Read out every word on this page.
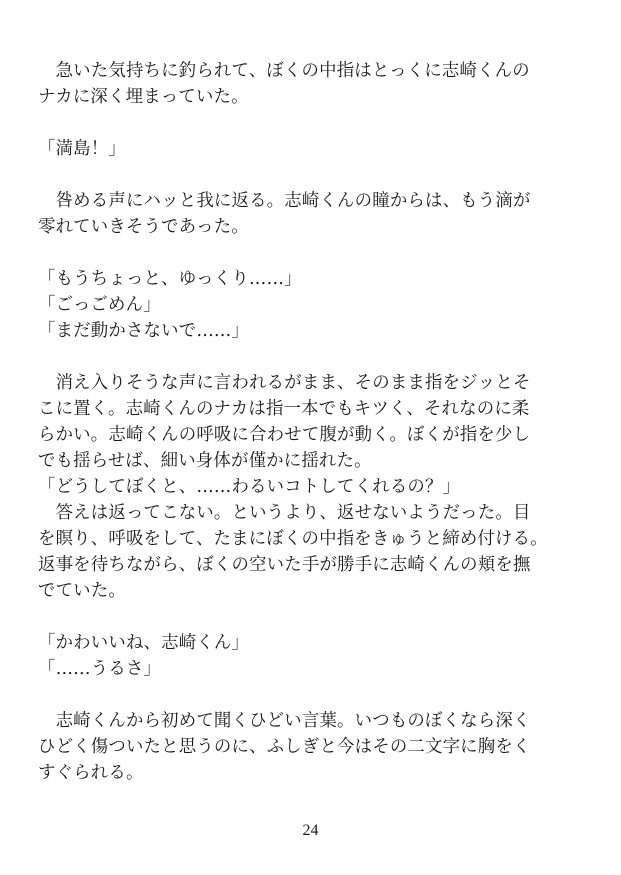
　急いた気持ちに釣られて、ぼくの中指はとっくに志崎くんの
ナカに深く埋まっていた。
「満島！」
　咎める声にハッと我に返る。志崎くんの瞳からは、もう滴が
零れていきそうであった。
「もうちょっと、ゆっくり……」
「ごっごめん」
「まだ動かさないで……」
　消え入りそうな声に言われるがまま、そのまま指をジッとそ
こに置く。志崎くんのナカは指一本でもキツく、それなのに柔
らかい。志崎くんの呼吸に合わせて腹が動く。ぼくが指を少し
でも揺らせば、細い身体が僅かに揺れた。
「どうしてぼくと、……わるいコトしてくれるの？」
　答えは返ってこない。というより、返せないようだった。目
を瞑り、呼吸をして、たまにぼくの中指をきゅうと締め付ける。
返事を待ちながら、ぼくの空いた手が勝手に志崎くんの頬を撫
でていた。
「かわいいね、志崎くん」
「……うるさ」
　志崎くんから初めて聞くひどい言葉。いつものぼくなら深く
ひどく傷ついたと思うのに、ふしぎと今はその二文字に胸をく
すぐられる。
24
